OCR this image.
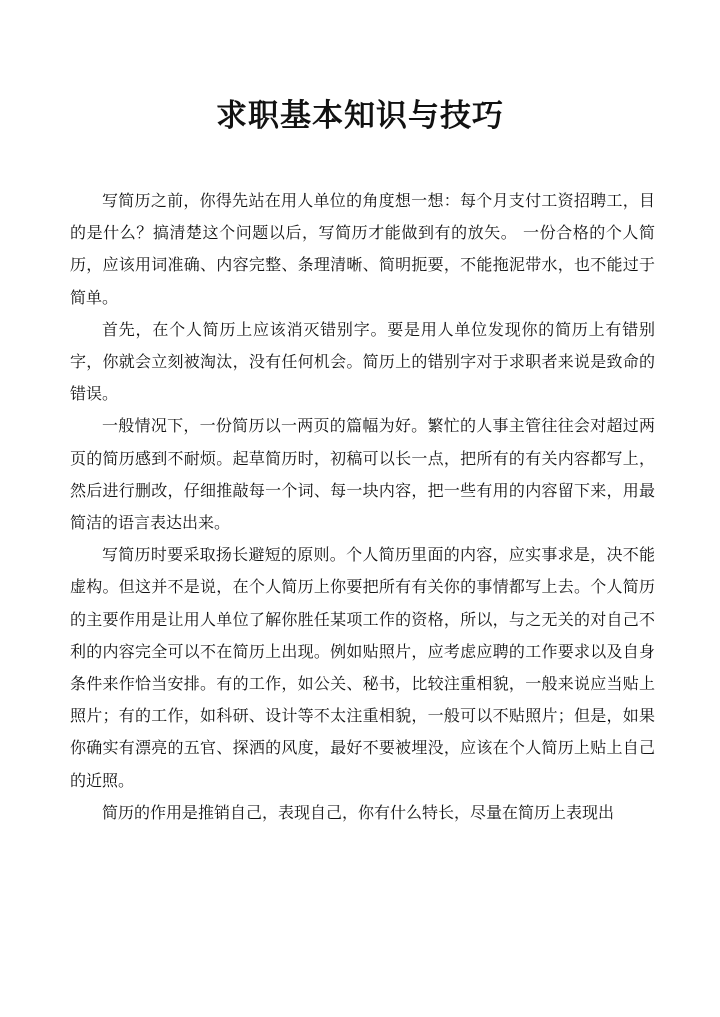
求职基本知识与技巧

写简历之前，你得先站在用人单位的角度想一想：每个月支付工资招聘工，目的是什么？搞清楚这个问题以后，写简历才能做到有的放矢。 一份合格的个人简历，应该用词准确、内容完整、条理清晰、简明扼要，不能拖泥带水，也不能过于简单。

首先，在个人简历上应该消灭错别字。要是用人单位发现你的简历上有错别字，你就会立刻被淘汰，没有任何机会。简历上的错别字对于求职者来说是致命的错误。

一般情况下，一份简历以一两页的篇幅为好。繁忙的人事主管往往会对超过两页的简历感到不耐烦。起草简历时，初稿可以长一点，把所有的有关内容都写上，然后进行删改，仔细推敲每一个词、每一块内容，把一些有用的内容留下来，用最简洁的语言表达出来。

写简历时要采取扬长避短的原则。个人简历里面的内容，应实事求是，决不能虚构。但这并不是说，在个人简历上你要把所有有关你的事情都写上去。个人简历的主要作用是让用人单位了解你胜任某项工作的资格，所以，与之无关的对自己不利的内容完全可以不在简历上出现。例如贴照片，应考虑应聘的工作要求以及自身条件来作恰当安排。有的工作，如公关、秘书，比较注重相貌，一般来说应当贴上照片；有的工作，如科研、设计等不太注重相貌，一般可以不贴照片；但是，如果你确实有漂亮的五官、探洒的风度，最好不要被埋没，应该在个人简历上贴上自己的近照。

简历的作用是推销自己，表现自己，你有什么特长，尽量在简历上表现出
